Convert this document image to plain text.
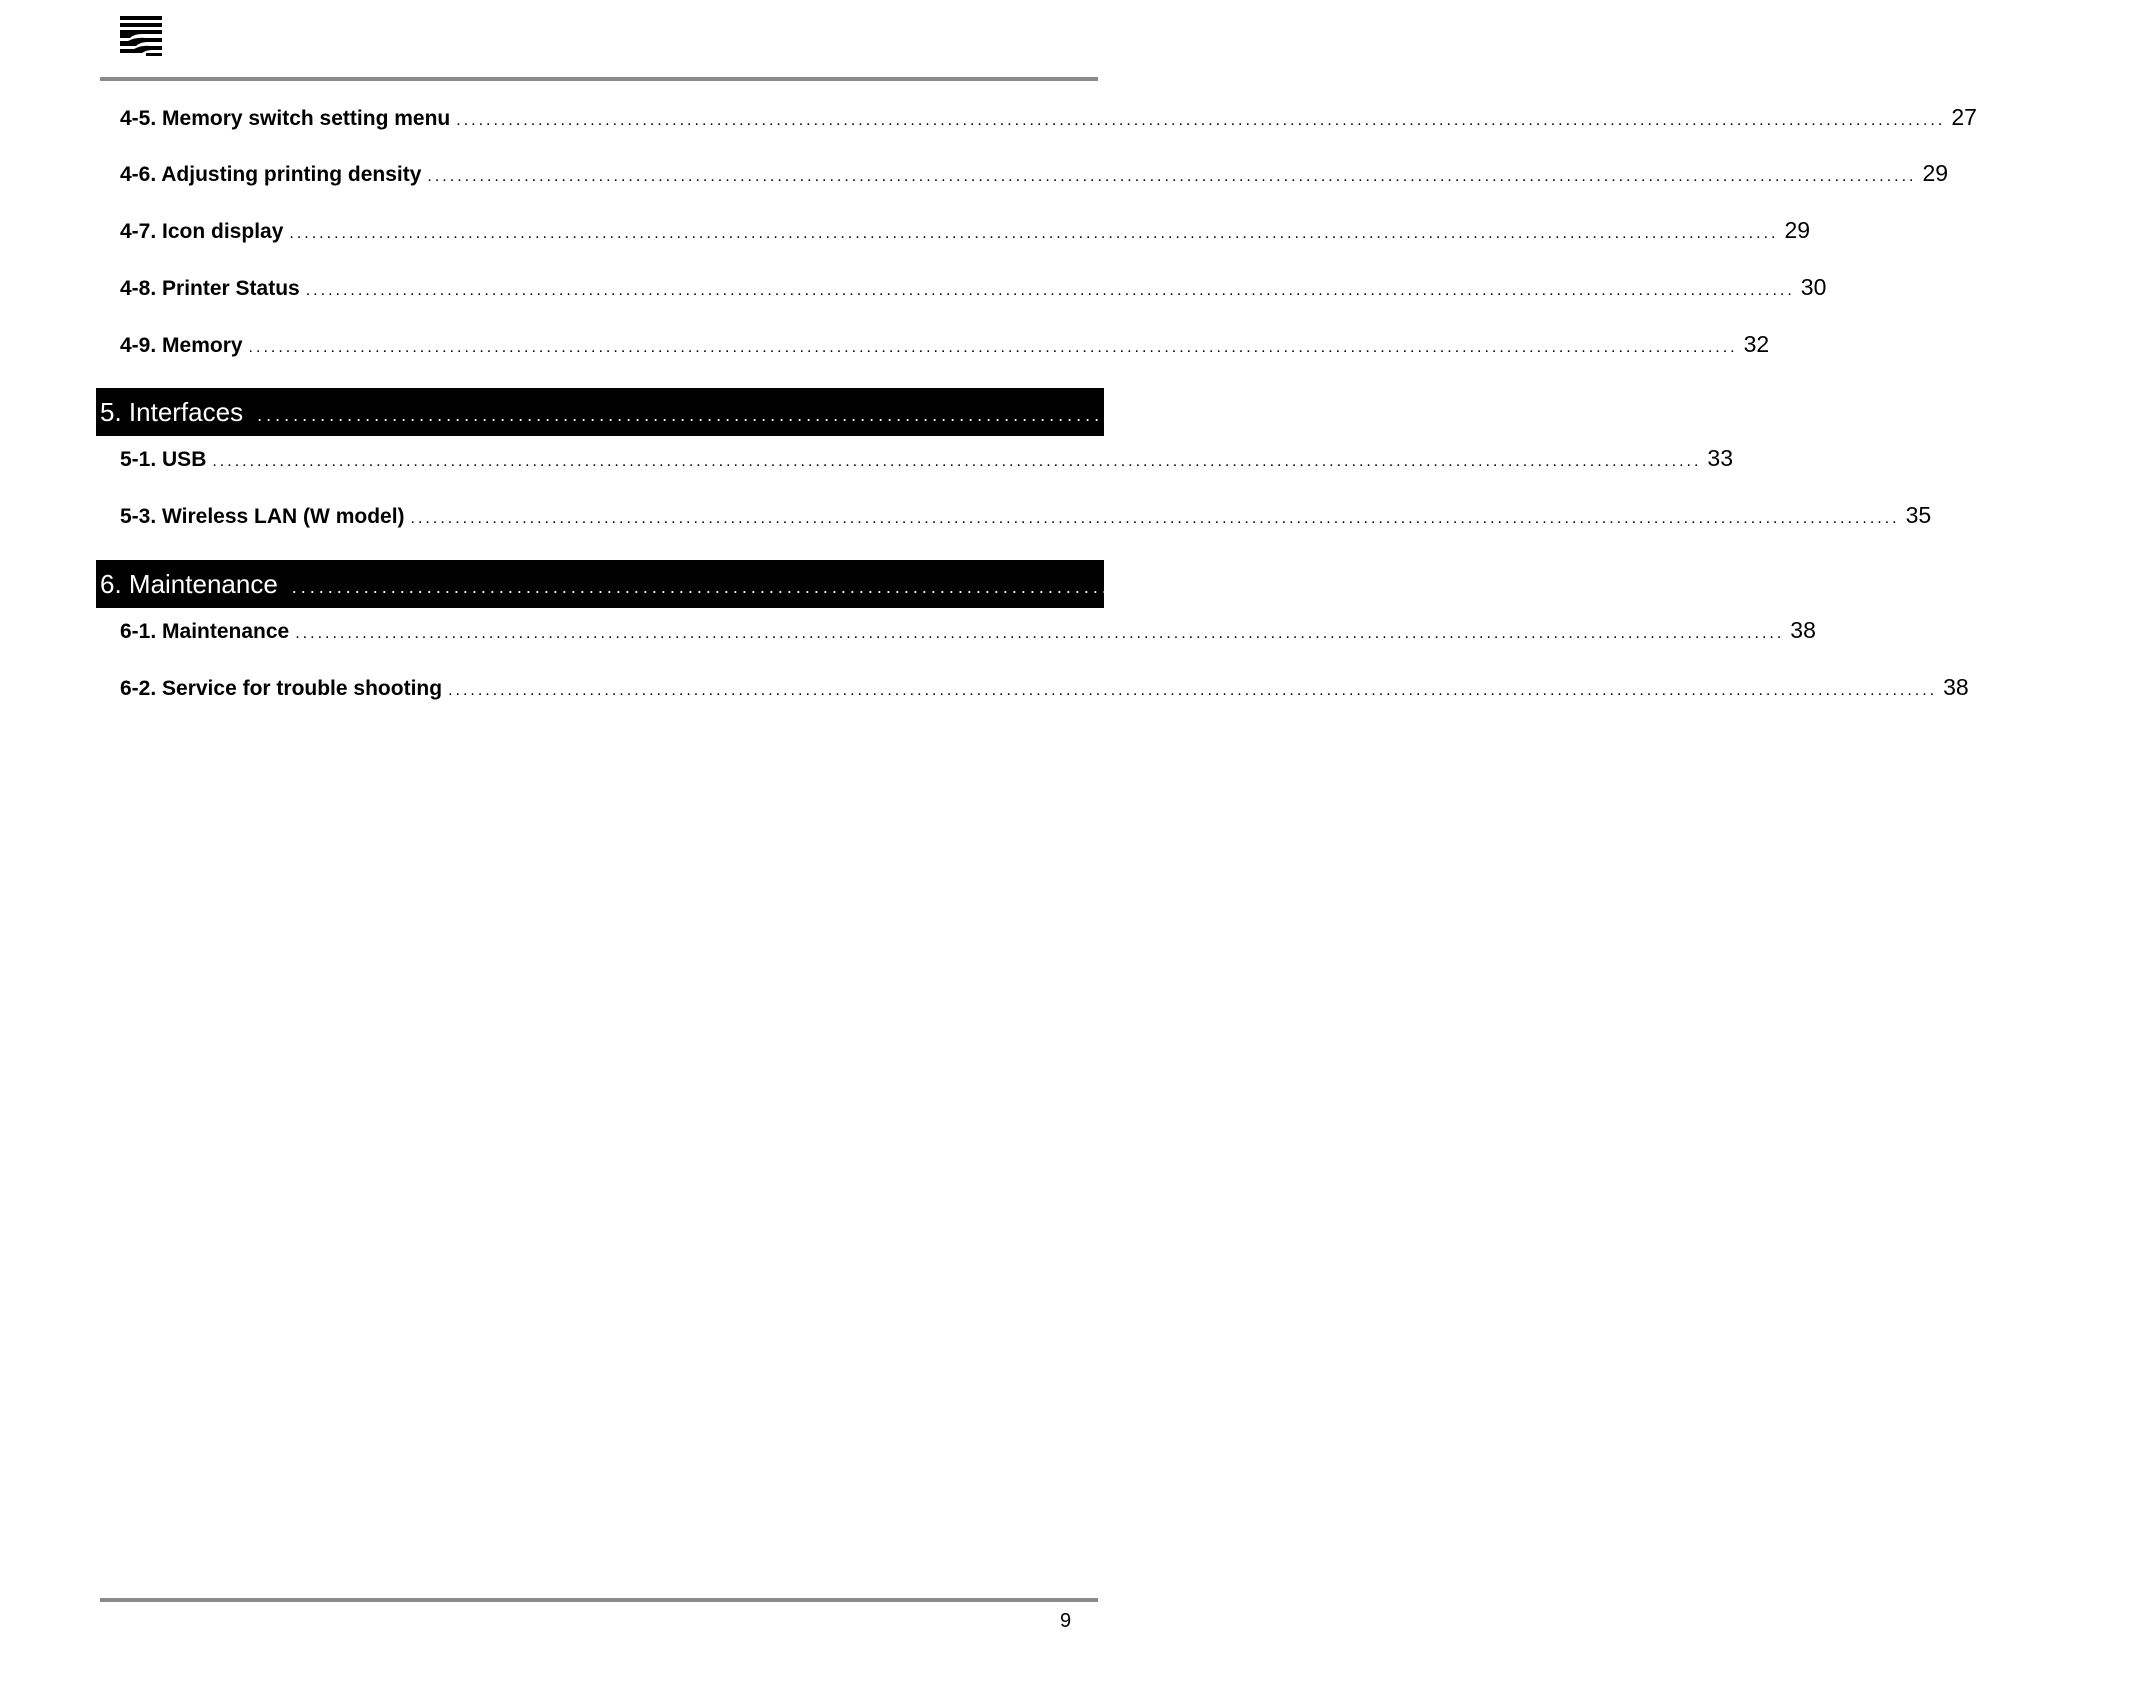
4-5. Memory switch setting menu ........................................................................................................................................................................................................ 27
4-6. Adjusting printing density ........................................................................................................................................................................................................ 29
4-7. Icon display ........................................................................................................................................................................................................ 29
4-8. Printer Status ........................................................................................................................................................................................................ 30
4-9. Memory ........................................................................................................................................................................................................ 32
5. Interfaces ........................................................................................................................................................................................................ 33
5-1. USB ........................................................................................................................................................................................................ 33
5-3. Wireless LAN (W model) ........................................................................................................................................................................................................ 35
6. Maintenance ........................................................................................................................................................................................................ 38
6-1. Maintenance ........................................................................................................................................................................................................ 38
6-2. Service for trouble shooting ........................................................................................................................................................................................................ 38
9
